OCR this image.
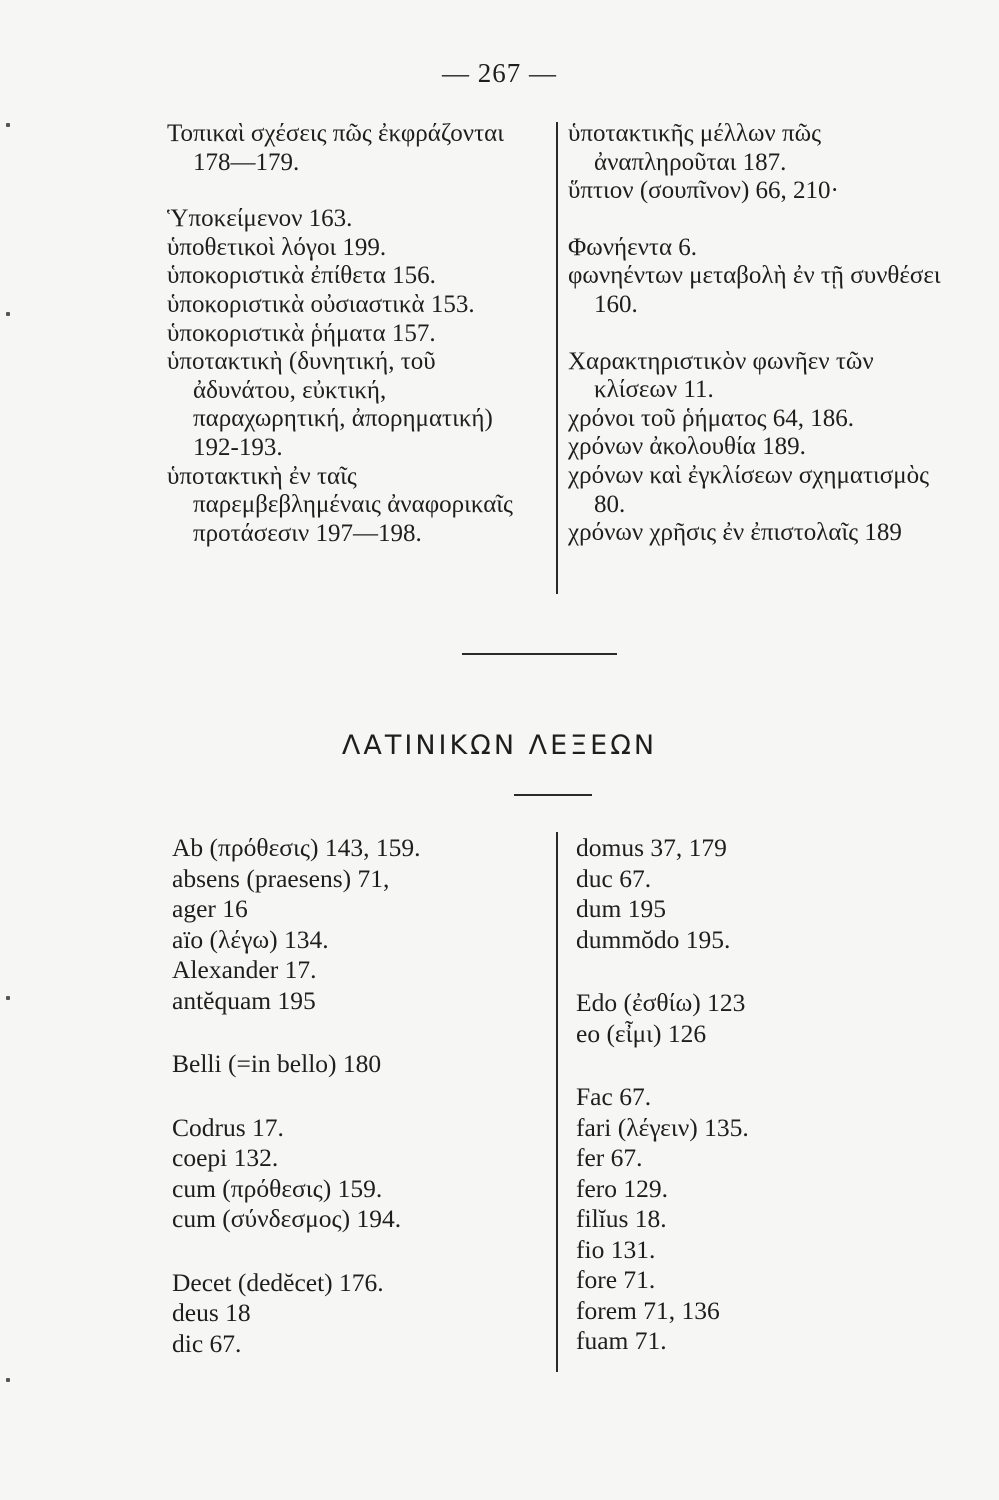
— 267 —
Τοπικαὶ σχέσεις πῶς ἐκφράζονται 178—179.
Ὑποκείμενον 163.
ὑποθετικοὶ λόγοι 199.
ὑποκοριστικὰ ἐπίθετα 156.
ὑποκοριστικὰ οὐσιαστικὰ 153.
ὑποκοριστικὰ ῥήματα 157.
ὑποτακτικὴ (δυνητική, τοῦ ἀδυνάτου, εὐκτική, παραχωρητική, ἀπορηματική) 192-193.
ὑποτακτικὴ ἐν ταῖς παρεμβεβλημέναις ἀναφορικαῖς προτάσεσιν 197—198.
ὑποτακτικῆς μέλλων πῶς ἀναπληροῦται 187.
ὕπτιον (σουπῖνον) 66, 210·
Φωνήεντα 6.
φωνηέντων μεταβολὴ ἐν τῇ συνθέσει 160.
Χαρακτηριστικὸν φωνῆεν τῶν κλίσεων 11.
χρόνοι τοῦ ῥήματος 64, 186.
χρόνων ἀκολουθία 189.
χρόνων καὶ ἐγκλίσεων σχηματισμὸς 80.
χρόνων χρῆσις ἐν ἐπιστολαῖς 189
ΛΑΤΙΝΙΚΩΝ ΛΕΞΕΩΝ
Ab (πρόθεσις) 143, 159.
absens (praesens) 71,
ager 16
aïo (λέγω) 134.
Alexander 17.
antĕquam 195
Belli (=in bello) 180
Codrus 17.
coepi 132.
cum (πρόθεσις) 159.
cum (σύνδεσμος) 194.
Decet (dedĕcet) 176.
deus 18
dic 67.
domus 37, 179
duc 67.
dum 195
dummŏdo 195.
Edo (ἐσθίω) 123
eo (εἶμι) 126
Fac 67.
fari (λέγειν) 135.
fer 67.
fero 129.
filĭus 18.
fio 131.
fore 71.
forem 71, 136
fuam 71.
